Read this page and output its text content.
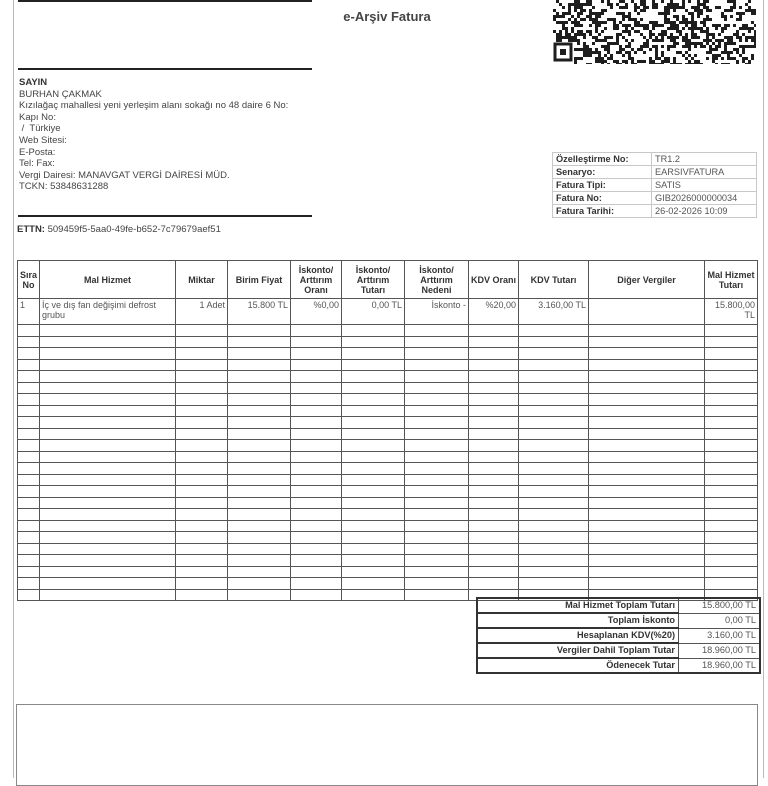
e-Arşiv Fatura
SAYIN
BURHAN ÇAKMAK
Kızılağaç mahallesi yeni yerleşim alanı sokağı no 48 daire 6 No:
Kapı No:
/  Türkiye
Web Sitesi:
E-Posta:
Tel: Fax:
Vergi Dairesi: MANAVGAT VERGİ DAİRESİ MÜD.
TCKN: 53848631288
ETTN: 509459f5-5aa0-49fe-b652-7c79679aef51
Özelleştirme No:	TR1.2
Senaryo:	EARSIVFATURA
Fatura Tipi:	SATIS
Fatura No:	GIB2026000000034
Fatura Tarihi:	26-02-2026 10:09
Sıra No	Mal Hizmet	Miktar	Birim Fiyat	İskonto/ Arttırım Oranı	İskonto/ Arttırım Tutarı	İskonto/ Arttırım Nedeni	KDV Oranı	KDV Tutarı	Diğer Vergiler	Mal Hizmet Tutarı
1	İç ve dış fan değişimi defrost grubu	1 Adet	15.800 TL	%0,00	0,00 TL	İskonto -	%20,00	3.160,00 TL		15.800,00 TL

Mal Hizmet Toplam Tutarı	15.800,00 TL
Toplam İskonto	0,00 TL
Hesaplanan KDV(%20)	3.160,00 TL
Vergiler Dahil Toplam Tutar	18.960,00 TL
Ödenecek Tutar	18.960,00 TL
